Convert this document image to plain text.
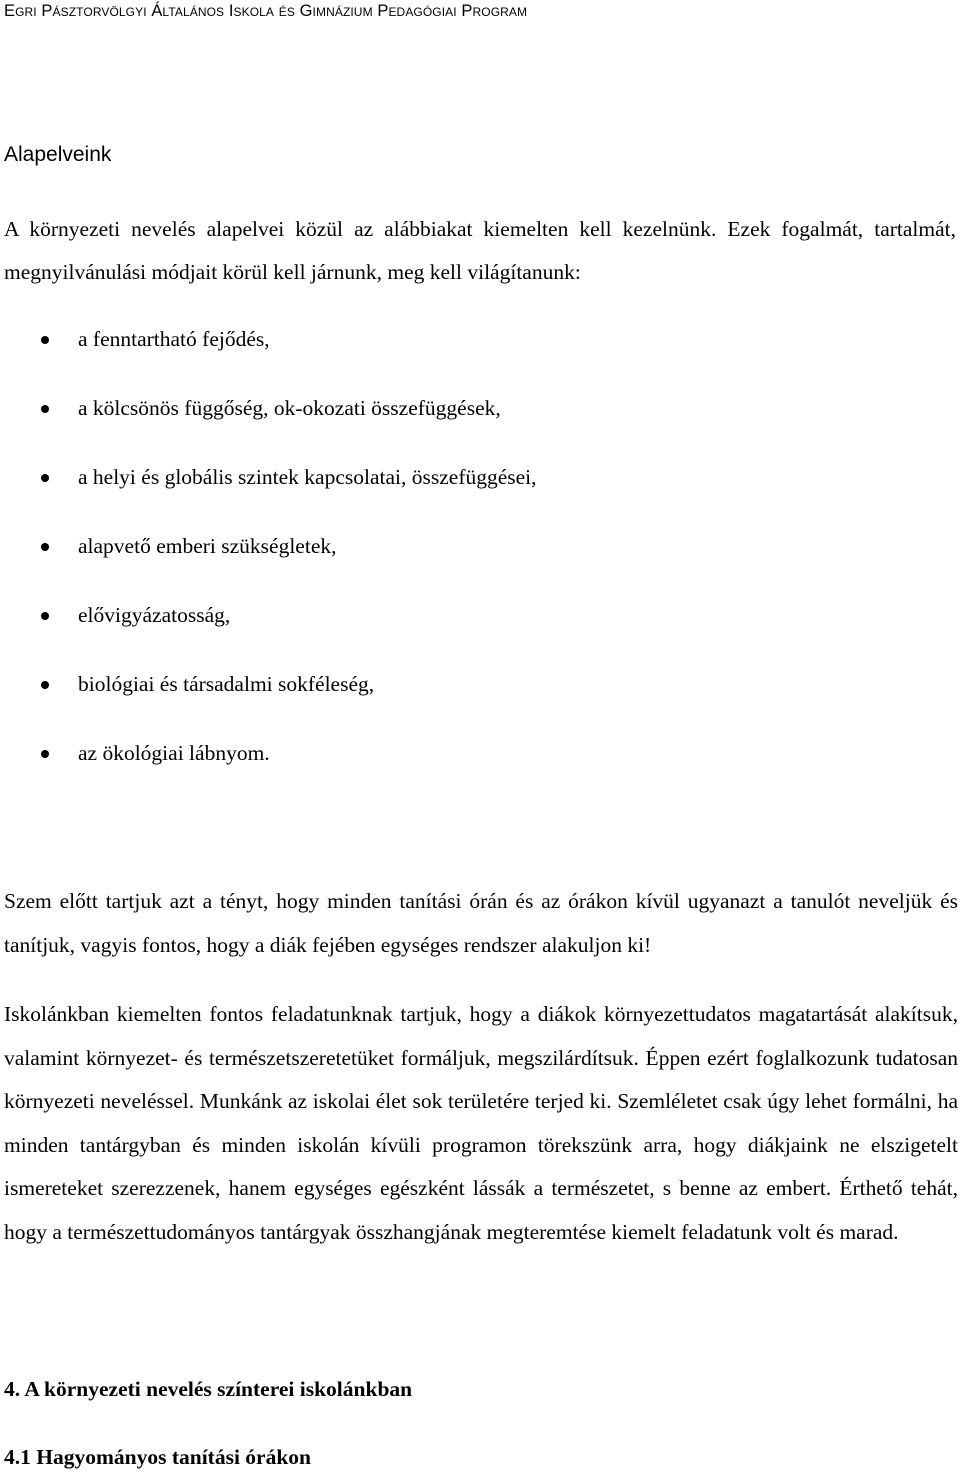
Egri Pásztorvölgyi Általános Iskola és Gimnázium Pedagógiai Program
Alapelveink
A környezeti nevelés alapelvei közül az alábbiakat kiemelten kell kezelnünk. Ezek fogalmát, tartalmát, megnyilvánulási módjait körül kell járnunk, meg kell világítanunk:
a fenntartható fejődés,
a kölcsönös függőség, ok-okozati összefüggések,
a helyi és globális szintek kapcsolatai, összefüggései,
alapvető emberi szükségletek,
elővigyázatosság,
biológiai és társadalmi sokféleség,
az ökológiai lábnyom.

Szem előtt tartjuk azt a tényt, hogy minden tanítási órán és az órákon kívül ugyanazt a tanulót neveljük és tanítjuk, vagyis fontos, hogy a diák fejében egységes rendszer alakuljon ki!

Iskolánkban kiemelten fontos feladatunknak tartjuk, hogy a diákok környezettudatos magatartását alakítsuk, valamint környezet- és természetszeretetüket formáljuk, megszilárdítsuk. Éppen ezért foglalkozunk tudatosan környezeti neveléssel. Munkánk az iskolai élet sok területére terjed ki. Szemléletet csak úgy lehet formálni, ha minden tantárgyban és minden iskolán kívüli programon törekszünk arra, hogy diákjaink ne elszigetelt ismereteket szerezzenek, hanem egységes egészként lássák a természetet, s benne az embert. Érthető tehát, hogy a természettudományos tantárgyak összhangjának megteremtése kiemelt feladatunk volt és marad.

4. A környezeti nevelés színterei iskolánkban
4.1 Hagyományos tanítási órákon
